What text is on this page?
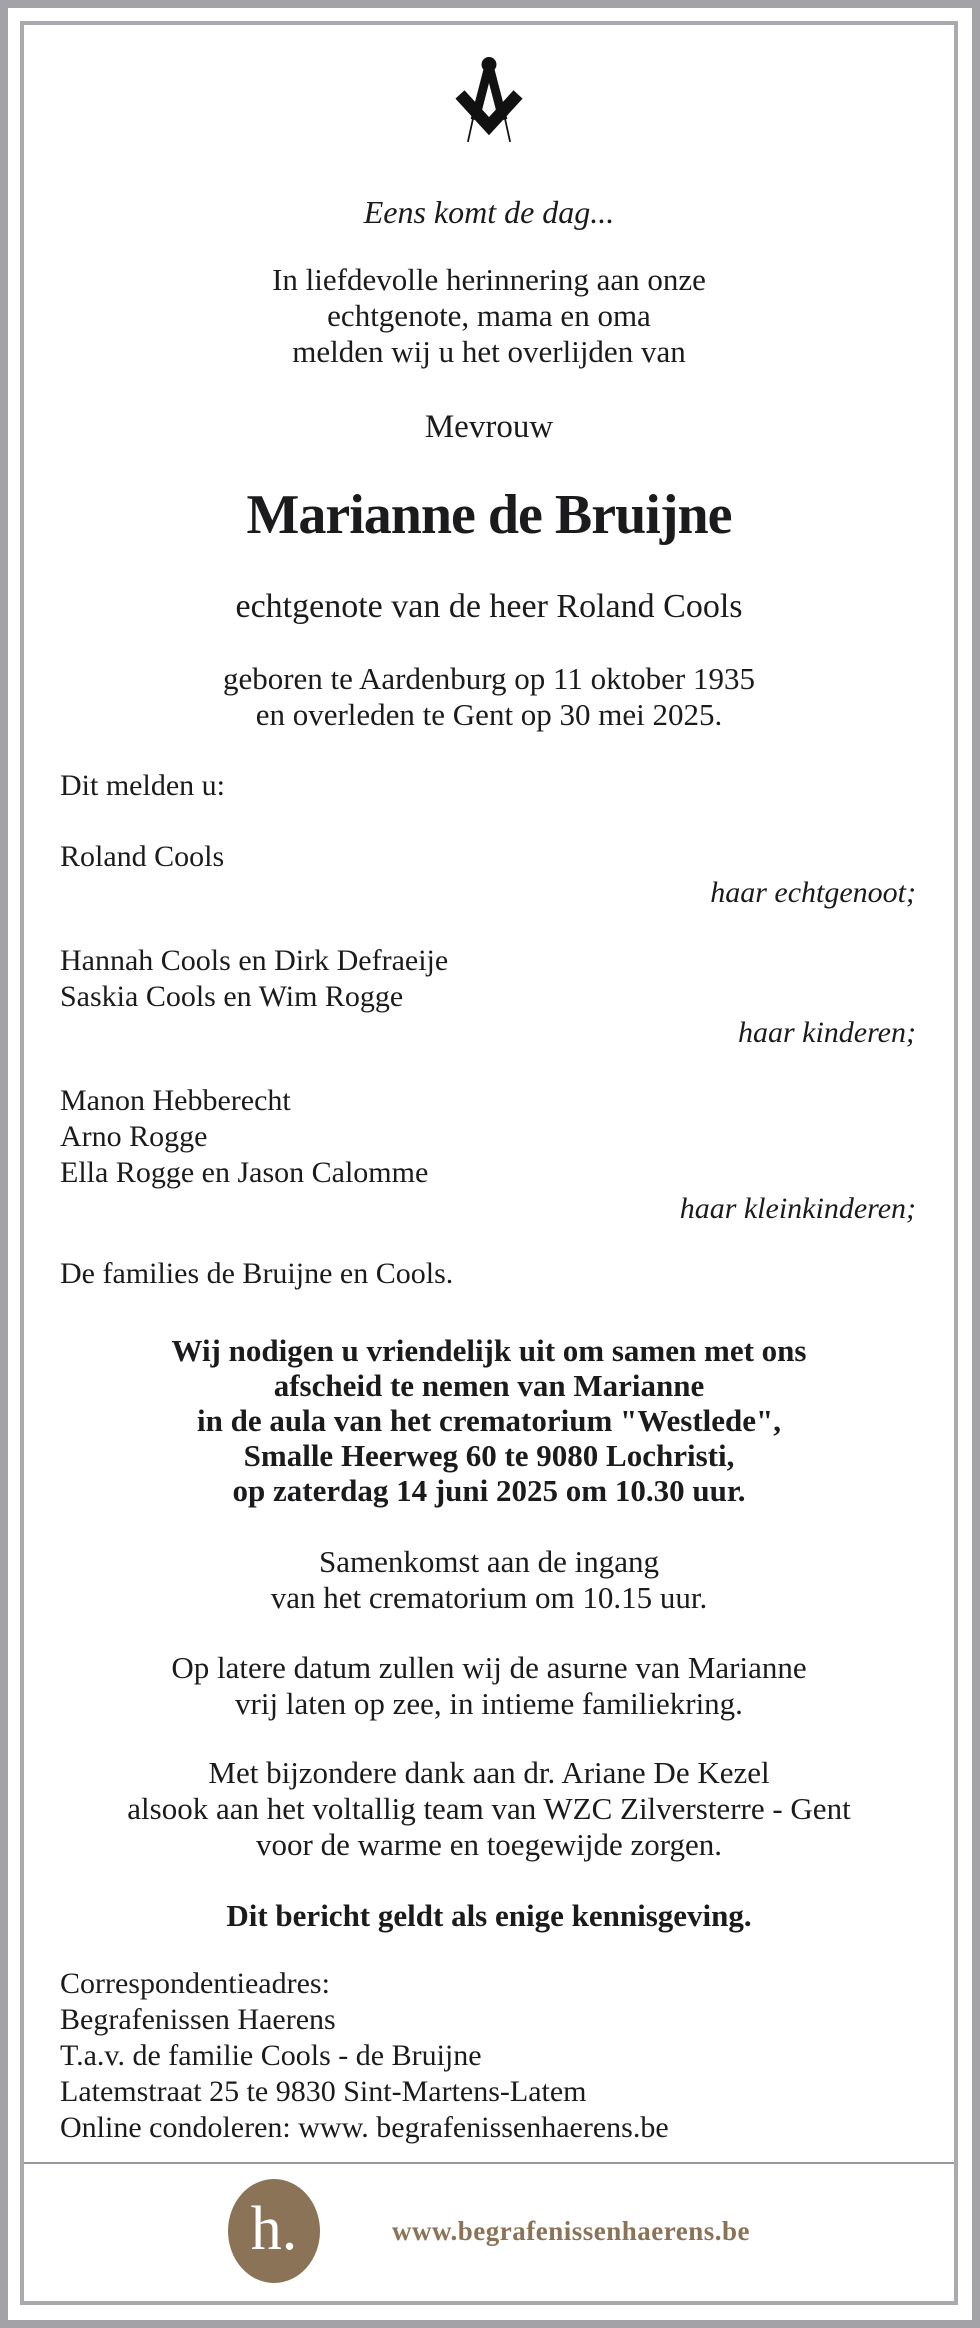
Eens komt de dag...
In liefdevolle herinnering aan onze
echtgenote, mama en oma
melden wij u het overlijden van
Mevrouw
Marianne de Bruijne
echtgenote van de heer Roland Cools
geboren te Aardenburg op 11 oktober 1935
en overleden te Gent op 30 mei 2025.
Dit melden u:
Roland Cools
haar echtgenoot;
Hannah Cools en Dirk Defraeije
Saskia Cools en Wim Rogge
haar kinderen;
Manon Hebberecht
Arno Rogge
Ella Rogge en Jason Calomme
haar kleinkinderen;
De families de Bruijne en Cools.
Wij nodigen u vriendelijk uit om samen met ons
afscheid te nemen van Marianne
in de aula van het crematorium "Westlede",
Smalle Heerweg 60 te 9080 Lochristi,
op zaterdag 14 juni 2025 om 10.30 uur.
Samenkomst aan de ingang
van het crematorium om 10.15 uur.
Op latere datum zullen wij de asurne van Marianne
vrij laten op zee, in intieme familiekring.
Met bijzondere dank aan dr. Ariane De Kezel
alsook aan het voltallig team van WZC Zilversterre - Gent
voor de warme en toegewijde zorgen.
Dit bericht geldt als enige kennisgeving.
Correspondentieadres:
Begrafenissen Haerens
T.a.v. de familie Cools - de Bruijne
Latemstraat 25 te 9830 Sint-Martens-Latem
Online condoleren: www. begrafenissenhaerens.be
h.	www.begrafenissenhaerens.be
